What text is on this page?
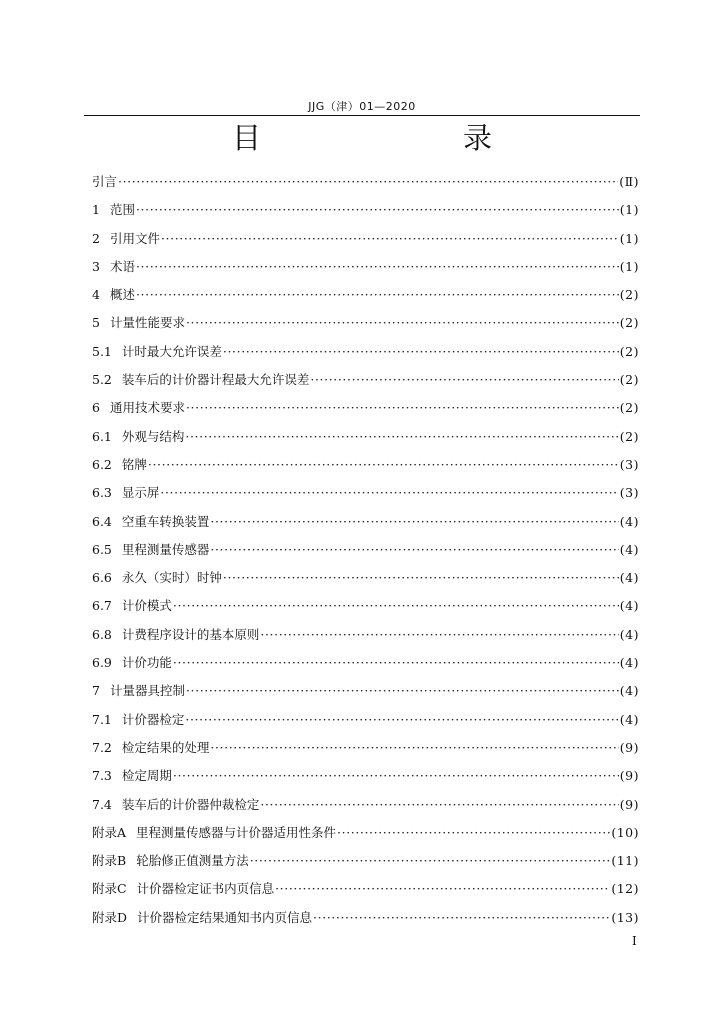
JJG（津）01—2020
目　　录
引言 ·····	(Ⅱ)
1 范围 ·····	(1)
2 引用文件 ·····	(1)
3 术语 ·····	(1)
4 概述 ·····	(2)
5 计量性能要求 ·····	(2)
5.1 计时最大允许误差 ·····	(2)
5.2 装车后的计价器计程最大允许误差 ·····	(2)
6 通用技术要求 ·····	(2)
6.1 外观与结构 ·····	(2)
6.2 铭牌 ·····	(3)
6.3 显示屏 ·····	(3)
6.4 空重车转换装置 ·····	(4)
6.5 里程测量传感器 ·····	(4)
6.6 永久（实时）时钟 ·····	(4)
6.7 计价模式 ·····	(4)
6.8 计费程序设计的基本原则 ·····	(4)
6.9 计价功能 ·····	(4)
7 计量器具控制 ·····	(4)
7.1 计价器检定 ·····	(4)
7.2 检定结果的处理 ·····	(9)
7.3 检定周期 ·····	(9)
7.4 装车后的计价器仲裁检定 ·····	(9)
附录A 里程测量传感器与计价器适用性条件 ·····	(10)
附录B 轮胎修正值测量方法 ·····	(11)
附录C 计价器检定证书内页信息 ·····	(12)
附录D 计价器检定结果通知书内页信息 ·····	(13)
I
